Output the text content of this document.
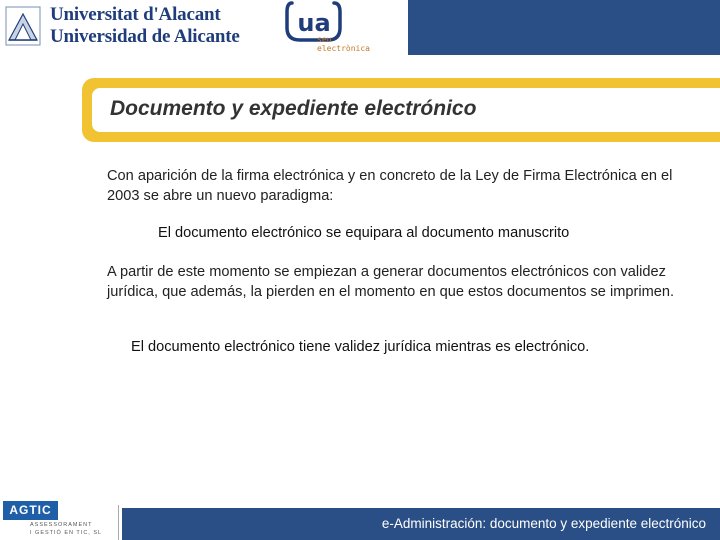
Universitat d'Alacant
Universidad de Alicante ua
seu
electrònica
Documento y expediente electrónico
Con aparición de la firma electrónica y en concreto de la Ley de Firma Electrónica en el 2003 se abre un nuevo paradigma:
El documento electrónico se equipara al documento manuscrito
A partir de este momento se empiezan a generar documentos electrónicos con validez jurídica, que además, la pierden en el momento en que estos documentos se imprimen.
El documento electrónico tiene validez jurídica mientras es electrónico.
AGTIC
ASSESSORAMENT
I GESTIÓ EN TIC, SL
e-Administración: documento y expediente electrónico
